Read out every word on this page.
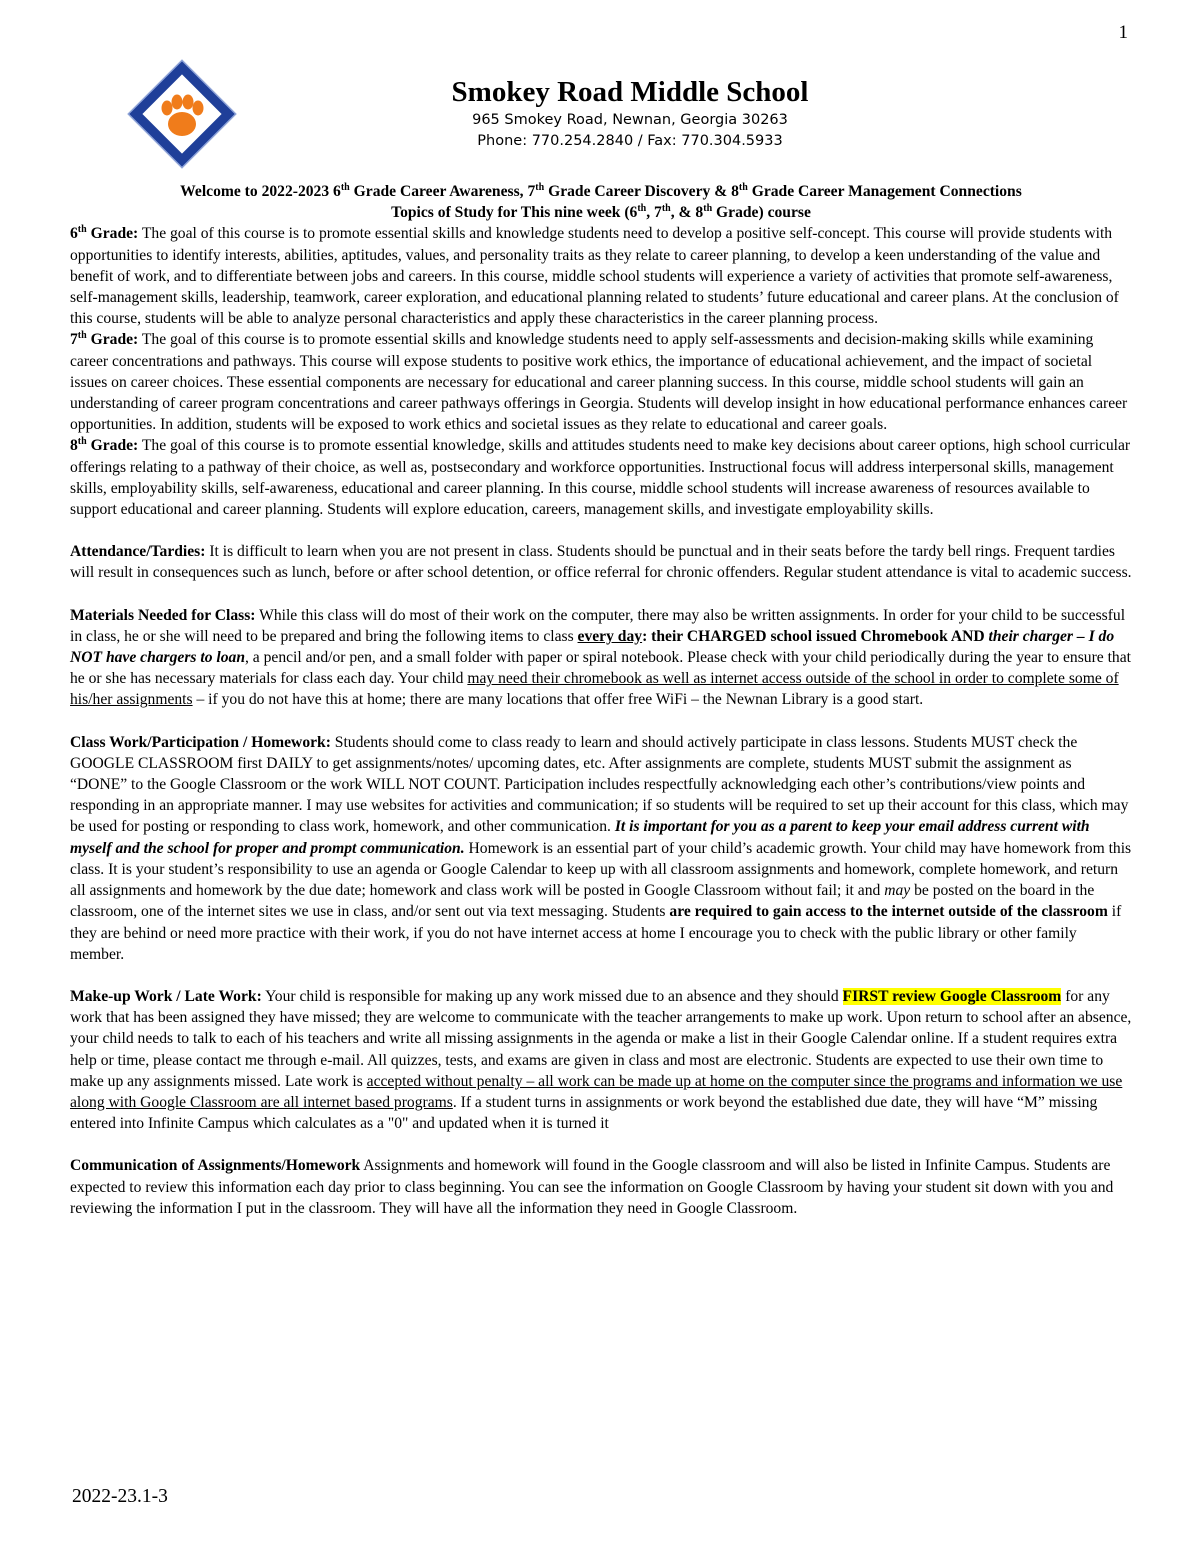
1
Smokey Road Middle School
965 Smokey Road, Newnan, Georgia 30263
Phone: 770.254.2840 / Fax: 770.304.5933

Welcome to 2022-2023 6th Grade Career Awareness, 7th Grade Career Discovery & 8th Grade Career Management Connections

Topics of Study for This nine week (6th, 7th, & 8th Grade) course

6th Grade: The goal of this course is to promote essential skills and knowledge students need to develop a positive self-concept. This course will provide students with opportunities to identify interests, abilities, aptitudes, values, and personality traits as they relate to career planning, to develop a keen understanding of the value and benefit of work, and to differentiate between jobs and careers. In this course, middle school students will experience a variety of activities that promote self-awareness, self-management skills, leadership, teamwork, career exploration, and educational planning related to students’ future educational and career plans. At the conclusion of this course, students will be able to analyze personal characteristics and apply these characteristics in the career planning process.

7th Grade: The goal of this course is to promote essential skills and knowledge students need to apply self-assessments and decision-making skills while examining career concentrations and pathways. This course will expose students to positive work ethics, the importance of educational achievement, and the impact of societal issues on career choices. These essential components are necessary for educational and career planning success. In this course, middle school students will gain an understanding of career program concentrations and career pathways offerings in Georgia. Students will develop insight in how educational performance enhances career opportunities. In addition, students will be exposed to work ethics and societal issues as they relate to educational and career goals.

8th Grade: The goal of this course is to promote essential knowledge, skills and attitudes students need to make key decisions about career options, high school curricular offerings relating to a pathway of their choice, as well as, postsecondary and workforce opportunities. Instructional focus will address interpersonal skills, management skills, employability skills, self-awareness, educational and career planning. In this course, middle school students will increase awareness of resources available to support educational and career planning. Students will explore education, careers, management skills, and investigate employability skills.

Attendance/Tardies: It is difficult to learn when you are not present in class. Students should be punctual and in their seats before the tardy bell rings. Frequent tardies will result in consequences such as lunch, before or after school detention, or office referral for chronic offenders. Regular student attendance is vital to academic success.

Materials Needed for Class: While this class will do most of their work on the computer, there may also be written assignments. In order for your child to be successful in class, he or she will need to be prepared and bring the following items to class every day: their CHARGED school issued Chromebook AND their charger – I do NOT have chargers to loan, a pencil and/or pen, and a small folder with paper or spiral notebook. Please check with your child periodically during the year to ensure that he or she has necessary materials for class each day. Your child may need their chromebook as well as internet access outside of the school in order to complete some of his/her assignments – if you do not have this at home; there are many locations that offer free WiFi – the Newnan Library is a good start.

Class Work/Participation / Homework: Students should come to class ready to learn and should actively participate in class lessons. Students MUST check the GOOGLE CLASSROOM first DAILY to get assignments/notes/ upcoming dates, etc. After assignments are complete, students MUST submit the assignment as “DONE” to the Google Classroom or the work WILL NOT COUNT. Participation includes respectfully acknowledging each other’s contributions/view points and responding in an appropriate manner. I may use websites for activities and communication; if so students will be required to set up their account for this class, which may be used for posting or responding to class work, homework, and other communication. It is important for you as a parent to keep your email address current with myself and the school for proper and prompt communication. Homework is an essential part of your child’s academic growth. Your child may have homework from this class. It is your student’s responsibility to use an agenda or Google Calendar to keep up with all classroom assignments and homework, complete homework, and return all assignments and homework by the due date; homework and class work will be posted in Google Classroom without fail; it and may be posted on the board in the classroom, one of the internet sites we use in class, and/or sent out via text messaging. Students are required to gain access to the internet outside of the classroom if they are behind or need more practice with their work, if you do not have internet access at home I encourage you to check with the public library or other family member.

Make-up Work / Late Work: Your child is responsible for making up any work missed due to an absence and they should FIRST review Google Classroom for any work that has been assigned they have missed; they are welcome to communicate with the teacher arrangements to make up work. Upon return to school after an absence, your child needs to talk to each of his teachers and write all missing assignments in the agenda or make a list in their Google Calendar online. If a student requires extra help or time, please contact me through e-mail. All quizzes, tests, and exams are given in class and most are electronic. Students are expected to use their own time to make up any assignments missed. Late work is accepted without penalty – all work can be made up at home on the computer since the programs and information we use along with Google Classroom are all internet based programs. If a student turns in assignments or work beyond the established due date, they will have “M” missing entered into Infinite Campus which calculates as a "0" and updated when it is turned it

Communication of Assignments/Homework Assignments and homework will found in the Google classroom and will also be listed in Infinite Campus. Students are expected to review this information each day prior to class beginning. You can see the information on Google Classroom by having your student sit down with you and reviewing the information I put in the classroom. They will have all the information they need in Google Classroom.

2022-23.1-3
